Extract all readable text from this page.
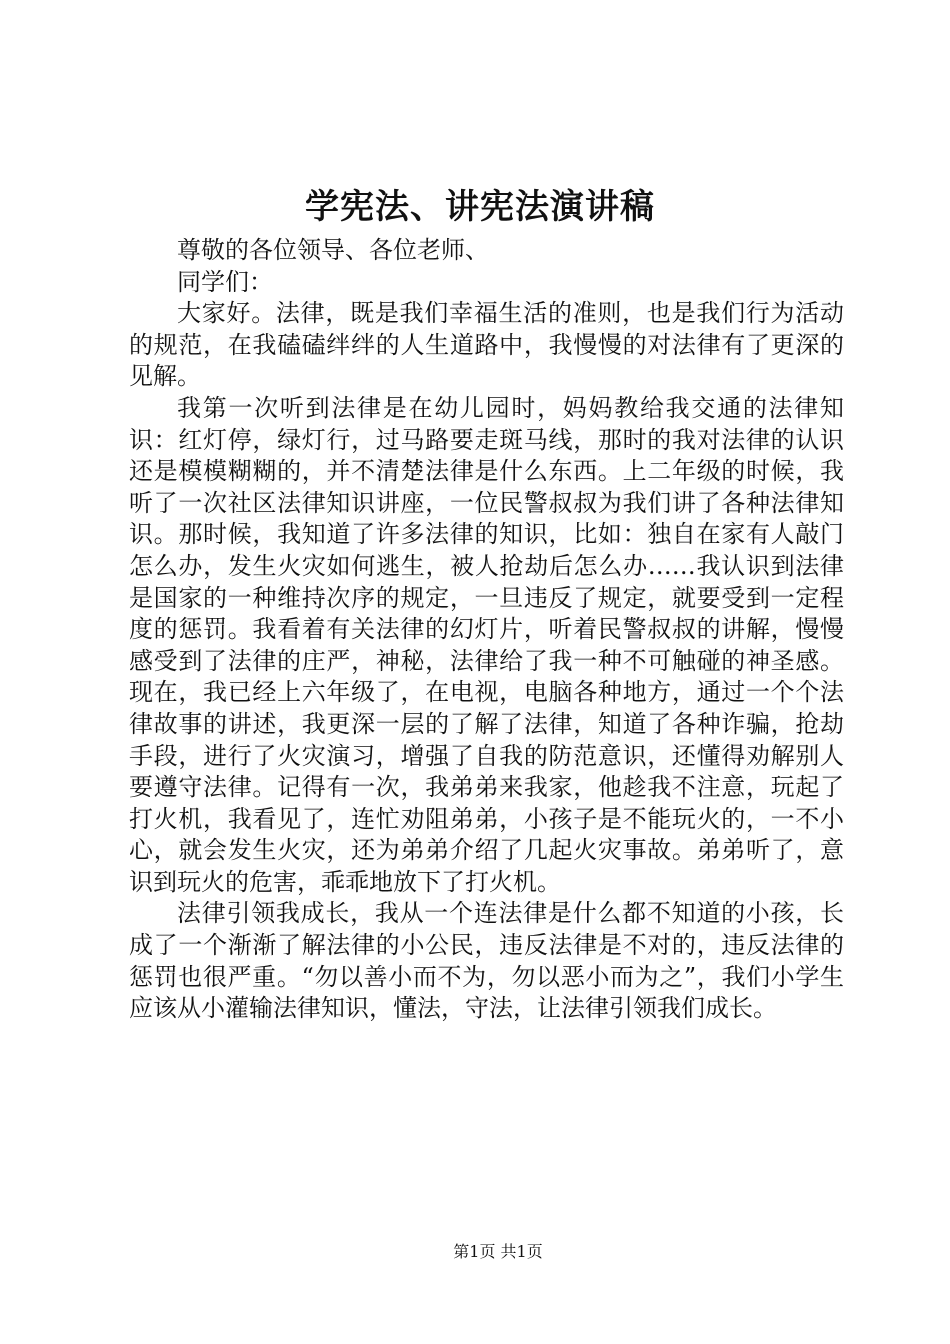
学宪法、讲宪法演讲稿

尊敬的各位领导、各位老师、

同学们：

大家好。法律，既是我们幸福生活的准则，也是我们行为活动的规范，在我磕磕绊绊的人生道路中，我慢慢的对法律有了更深的见解。

我第一次听到法律是在幼儿园时，妈妈教给我交通的法律知识：红灯停，绿灯行，过马路要走斑马线，那时的我对法律的认识还是模模糊糊的，并不清楚法律是什么东西。上二年级的时候，我听了一次社区法律知识讲座，一位民警叔叔为我们讲了各种法律知识。那时候，我知道了许多法律的知识，比如：独自在家有人敲门怎么办，发生火灾如何逃生，被人抢劫后怎么办……我认识到法律是国家的一种维持次序的规定，一旦违反了规定，就要受到一定程度的惩罚。我看着有关法律的幻灯片，听着民警叔叔的讲解，慢慢感受到了法律的庄严，神秘，法律给了我一种不可触碰的神圣感。现在，我已经上六年级了，在电视，电脑各种地方，通过一个个法律故事的讲述，我更深一层的了解了法律，知道了各种诈骗，抢劫手段，进行了火灾演习，增强了自我的防范意识，还懂得劝解别人要遵守法律。记得有一次，我弟弟来我家，他趁我不注意，玩起了打火机，我看见了，连忙劝阻弟弟，小孩子是不能玩火的，一不小心，就会发生火灾，还为弟弟介绍了几起火灾事故。弟弟听了，意识到玩火的危害，乖乖地放下了打火机。

法律引领我成长，我从一个连法律是什么都不知道的小孩，长成了一个渐渐了解法律的小公民，违反法律是不对的，违反法律的惩罚也很严重。“勿以善小而不为，勿以恶小而为之”，我们小学生应该从小灌输法律知识，懂法，守法，让法律引领我们成长。

第1页 共1页
